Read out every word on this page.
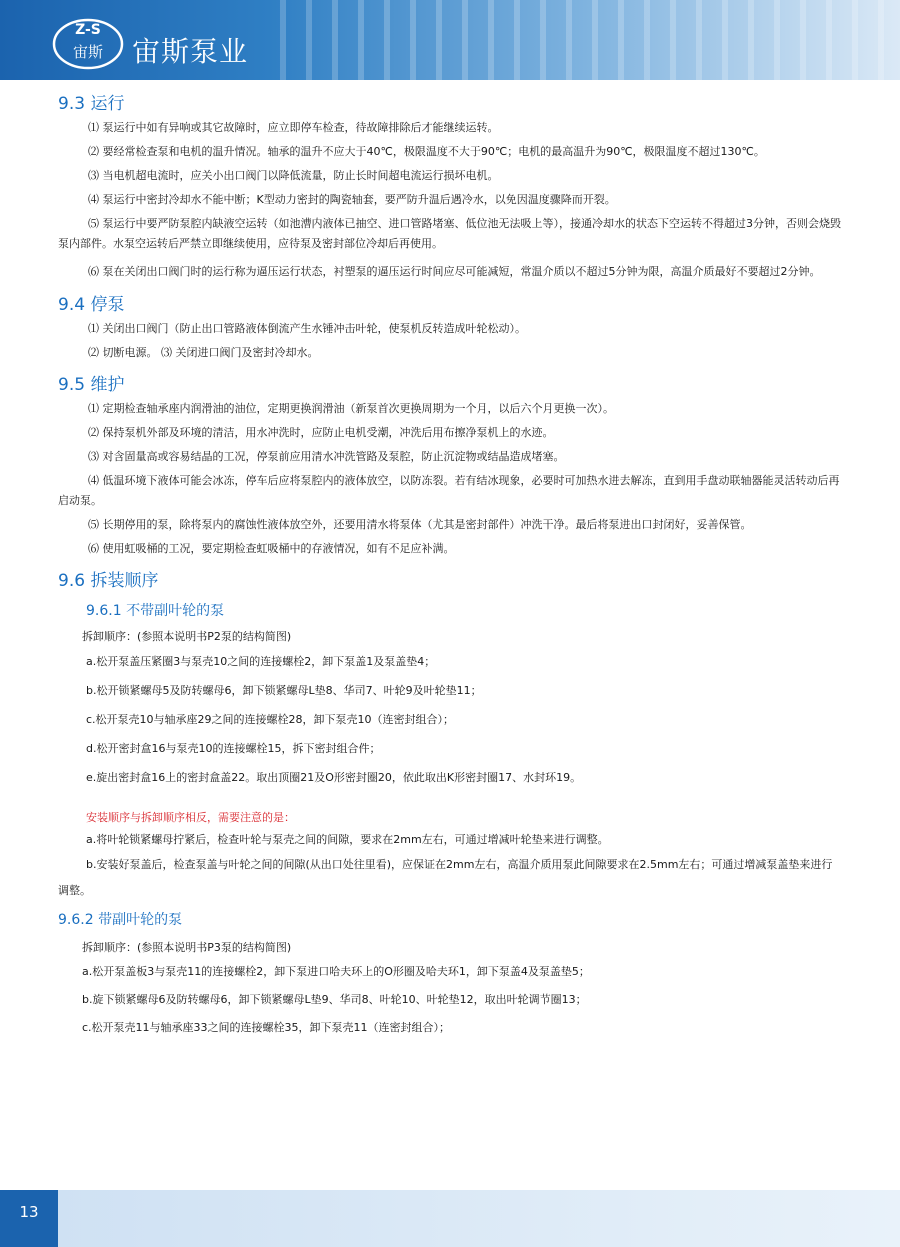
Z-S
宙斯 宙斯泵业
9.3 运行
⑴ 泵运行中如有异响或其它故障时，应立即停车检查，待故障排除后才能继续运转。
⑵ 要经常检查泵和电机的温升情况。轴承的温升不应大于40℃，极限温度不大于90℃；电机的最高温升为90℃，极限温度不超过130℃。
⑶ 当电机超电流时，应关小出口阀门以降低流量，防止长时间超电流运行损坏电机。
⑷ 泵运行中密封冷却水不能中断；K型动力密封的陶瓷轴套，要严防升温后遇冷水，以免因温度骤降而开裂。
⑸ 泵运行中要严防泵腔内缺液空运转（如池漕内液体已抽空、进口管路堵塞、低位池无法吸上等），接通冷却水的状态下空运转不得超过3分钟，否则会烧毁泵内部件。水泵空运转后严禁立即继续使用，应待泵及密封部位冷却后再使用。
⑹ 泵在关闭出口阀门时的运行称为逼压运行状态，衬塑泵的逼压运行时间应尽可能减短，常温介质以不超过5分钟为限，高温介质最好不要超过2分钟。
9.4 停泵
⑴ 关闭出口阀门（防止出口管路液体倒流产生水锤冲击叶轮，使泵机反转造成叶轮松动）。
⑵ 切断电源。 ⑶ 关闭进口阀门及密封冷却水。
9.5 维护
⑴ 定期检查轴承座内润滑油的油位，定期更换润滑油（新泵首次更换周期为一个月，以后六个月更换一次）。
⑵ 保持泵机外部及环境的清洁，用水冲洗时，应防止电机受潮，冲洗后用布擦净泵机上的水迹。
⑶ 对含固量高或容易结晶的工况，停泵前应用清水冲洗管路及泵腔，防止沉淀物或结晶造成堵塞。
⑷ 低温环境下液体可能会冰冻，停车后应将泵腔内的液体放空，以防冻裂。若有结冰现象，必要时可加热水进去解冻，直到用手盘动联轴器能灵活转动后再启动泵。
⑸ 长期停用的泵，除将泵内的腐蚀性液体放空外，还要用清水将泵体（尤其是密封部件）冲洗干净。最后将泵进出口封闭好，妥善保管。
⑹ 使用虹吸桶的工况，要定期检查虹吸桶中的存液情况，如有不足应补满。
9.6 拆装顺序
9.6.1 不带副叶轮的泵
拆卸顺序：(参照本说明书P2泵的结构简图)
a.松开泵盖压紧圈3与泵壳10之间的连接螺栓2，卸下泵盖1及泵盖垫4；
b.松开锁紧螺母5及防转螺母6，卸下锁紧螺母L垫8、华司7、叶轮9及叶轮垫11；
c.松开泵壳10与轴承座29之间的连接螺栓28，卸下泵壳10（连密封组合）；
d.松开密封盒16与泵壳10的连接螺栓15，拆下密封组合件；
e.旋出密封盒16上的密封盒盖22。取出顶圈21及O形密封圈20，依此取出K形密封圈17、水封环19。
安装顺序与拆卸顺序相反，需要注意的是：
a.将叶轮锁紧螺母拧紧后，检查叶轮与泵壳之间的间隙，要求在2mm左右，可通过增减叶轮垫来进行调整。
b.安装好泵盖后，检查泵盖与叶轮之间的间隙(从出口处往里看)，应保证在2mm左右，高温介质用泵此间隙要求在2.5mm左右；可通过增减泵盖垫来进行调整。
9.6.2 带副叶轮的泵
拆卸顺序：(参照本说明书P3泵的结构简图)
a.松开泵盖板3与泵壳11的连接螺栓2，卸下泵进口哈夫环上的O形圈及哈夫环1，卸下泵盖4及泵盖垫5；
b.旋下锁紧螺母6及防转螺母6，卸下锁紧螺母L垫9、华司8、叶轮10、叶轮垫12，取出叶轮调节圈13；
c.松开泵壳11与轴承座33之间的连接螺栓35，卸下泵壳11（连密封组合）；
13
